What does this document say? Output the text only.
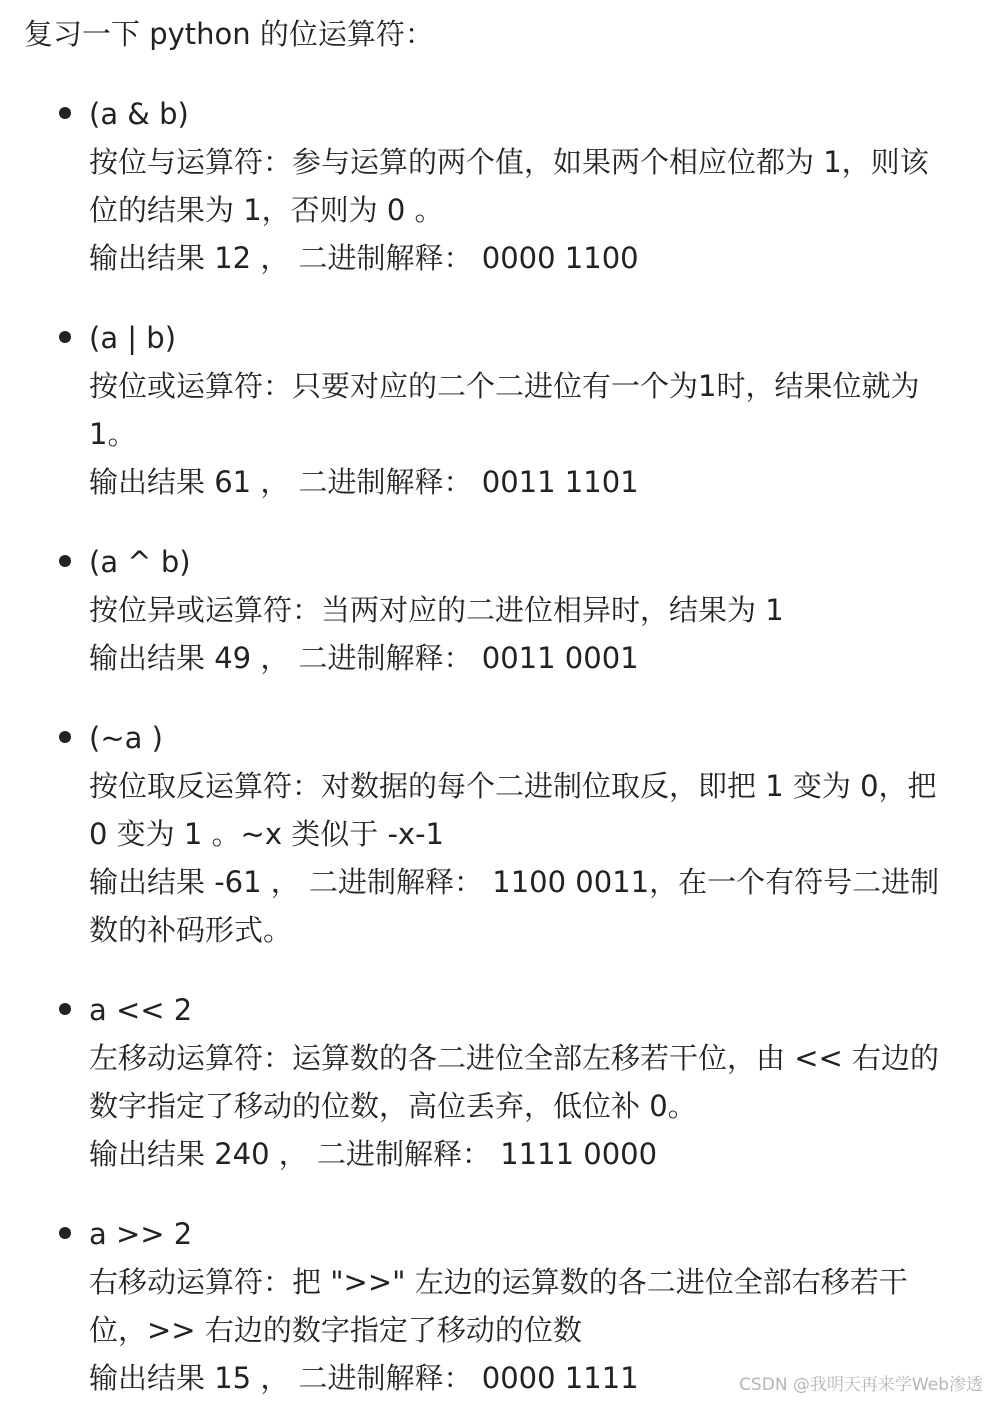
复习一下 python 的位运算符：

(a & b)

按位与运算符：参与运算的两个值，如果两个相应位都为 1，则该位的结果为 1，否则为 0 。

输出结果 12 ， 二进制解释： 0000 1100

(a | b)

按位或运算符：只要对应的二个二进位有一个为1时，结果位就为1。

输出结果 61 ， 二进制解释： 0011 1101

(a ^ b)

按位异或运算符：当两对应的二进位相异时，结果为 1

输出结果 49 ， 二进制解释： 0011 0001

(~a )

按位取反运算符：对数据的每个二进制位取反，即把 1 变为 0，把 0 变为 1 。~x 类似于 -x-1

输出结果 -61 ， 二进制解释： 1100 0011，在一个有符号二进制数的补码形式。

a << 2

左移动运算符：运算数的各二进位全部左移若干位，由 << 右边的数字指定了移动的位数，高位丢弃，低位补 0。

输出结果 240 ， 二进制解释： 1111 0000

a >> 2

右移动运算符：把 ">>" 左边的运算数的各二进位全部右移若干位，>> 右边的数字指定了移动的位数

输出结果 15 ， 二进制解释： 0000 1111	CSDN @我明天再来学Web渗透
